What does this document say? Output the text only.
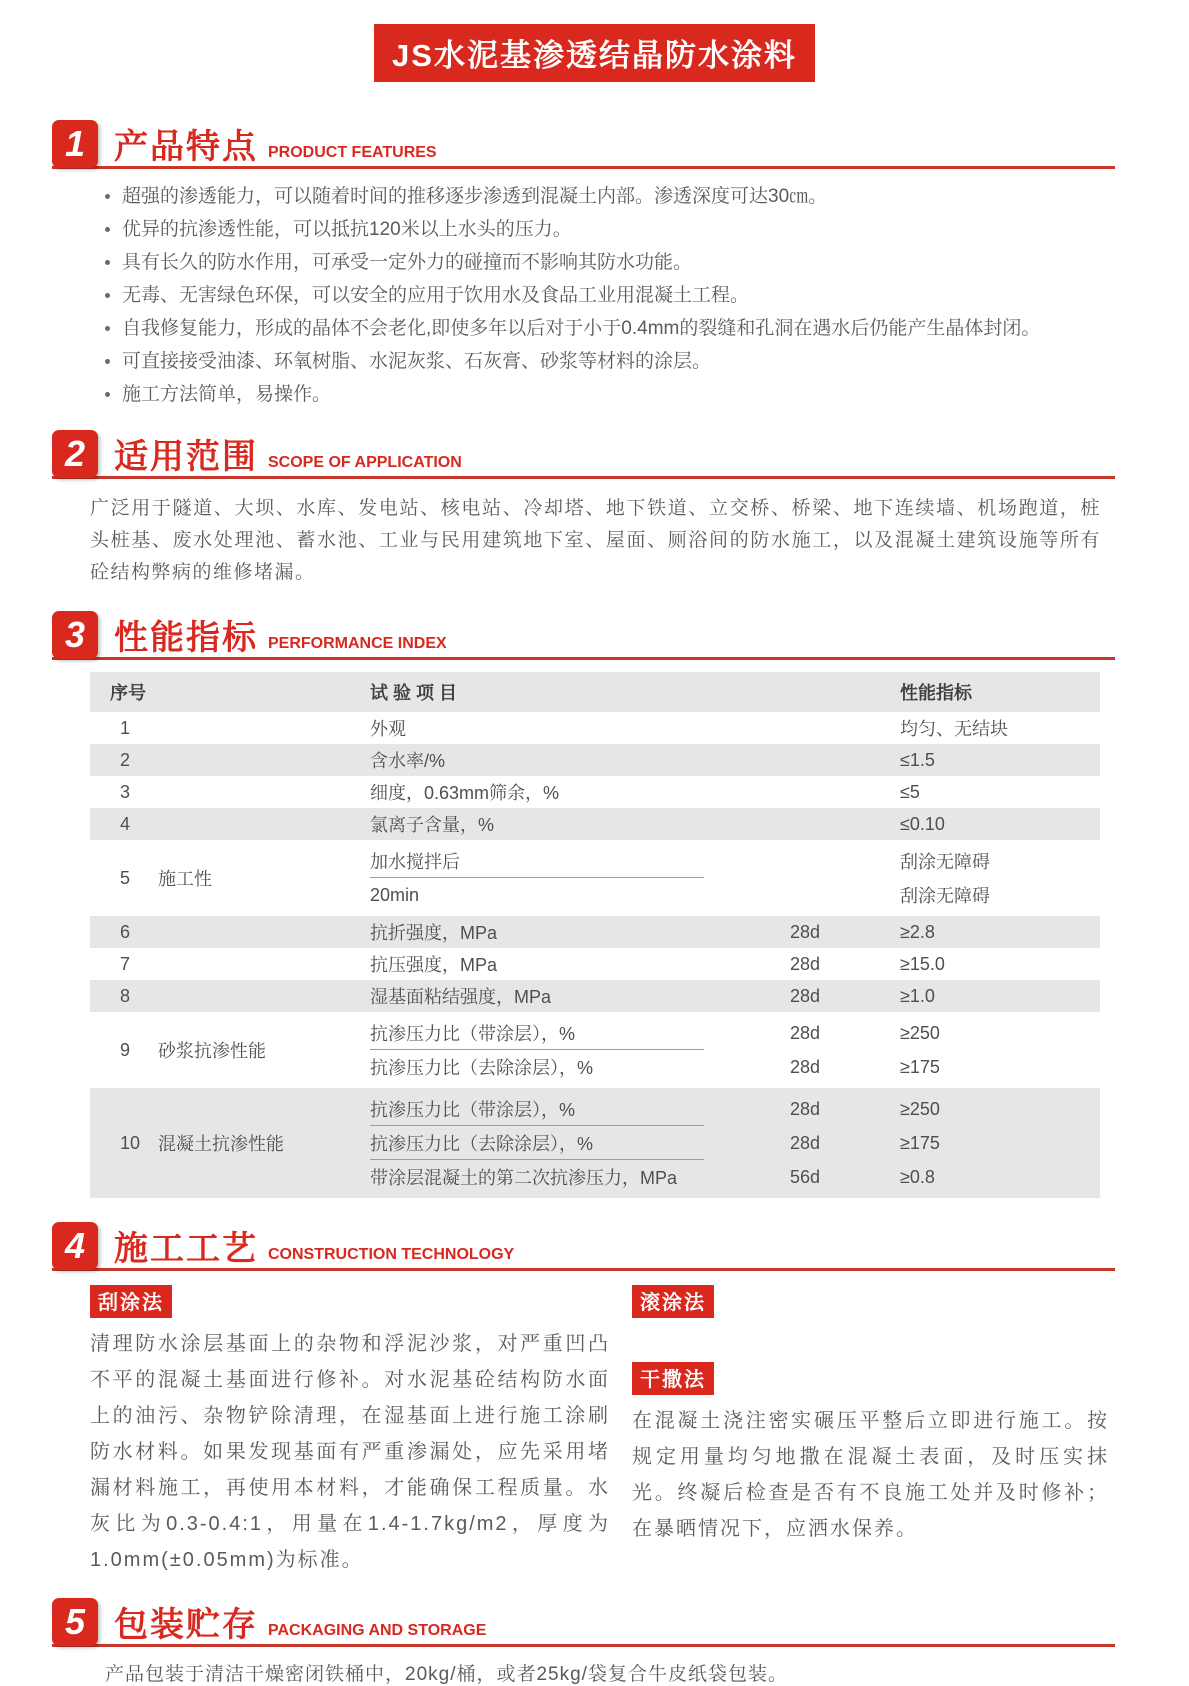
JS水泥基渗透结晶防水涂料
1 产品特点 PRODUCT FEATURES
超强的渗透能力，可以随着时间的推移逐步渗透到混凝土内部。渗透深度可达30㎝。
优异的抗渗透性能，可以抵抗120米以上水头的压力。
具有长久的防水作用，可承受一定外力的碰撞而不影响其防水功能。
无毒、无害绿色环保，可以安全的应用于饮用水及食品工业用混凝土工程。
自我修复能力，形成的晶体不会老化,即使多年以后对于小于0.4mm的裂缝和孔洞在遇水后仍能产生晶体封闭。
可直接接受油漆、环氧树脂、水泥灰浆、石灰膏、砂浆等材料的涂层。
施工方法简单，易操作。
2 适用范围 SCOPE OF APPLICATION

广泛用于隧道、大坝、水库、发电站、核电站、冷却塔、地下铁道、立交桥、桥梁、地下连续墙、机场跑道，桩头桩基、废水处理池、蓄水池、工业与民用建筑地下室、屋面、厕浴间的防水施工，以及混凝土建筑设施等所有砼结构弊病的维修堵漏。

3 性能指标 PERFORMANCE INDEX
序号	试 验 项 目	性能指标
1	外观	均匀、无结块
2	含水率/%	≤1.5
3	细度，0.63mm筛余，%	≤5
4	氯离子含量，%	≤0.10
5	施工性
加水搅拌后	刮涂无障碍
20min	刮涂无障碍
6	抗折强度，MPa	28d	≥2.8
7	抗压强度，MPa	28d	≥15.0
8	湿基面粘结强度，MPa	28d	≥1.0
9	砂浆抗渗性能
抗渗压力比（带涂层），%	28d	≥250
抗渗压力比（去除涂层），%	28d	≥175
10 混凝土抗渗性能
抗渗压力比（带涂层），%	28d	≥250
抗渗压力比（去除涂层），%	28d	≥175
带涂层混凝土的第二次抗渗压力，MPa	56d	≥0.8
4 施工工艺 CONSTRUCTION TECHNOLOGY
刮涂法

清理防水涂层基面上的杂物和浮泥沙浆，对严重凹凸不平的混凝土基面进行修补。对水泥基砼结构防水面上的油污、杂物铲除清理，在湿基面上进行施工涂刷防水材料。如果发现基面有严重渗漏处，应先采用堵漏材料施工，再使用本材料，才能确保工程质量。水灰比为0.3-0.4:1，用量在1.4-1.7kg/m2，厚度为1.0mm(±0.05mm)为标准。

滚涂法
干撒法

在混凝土浇注密实碾压平整后立即进行施工。按规定用量均匀地撒在混凝土表面，及时压实抹光。终凝后检查是否有不良施工处并及时修补；在暴晒情况下，应洒水保养。

5 包装贮存 PACKAGING AND STORAGE

产品包装于清洁干燥密闭铁桶中，20kg/桶，或者25kg/袋复合牛皮纸袋包装。
